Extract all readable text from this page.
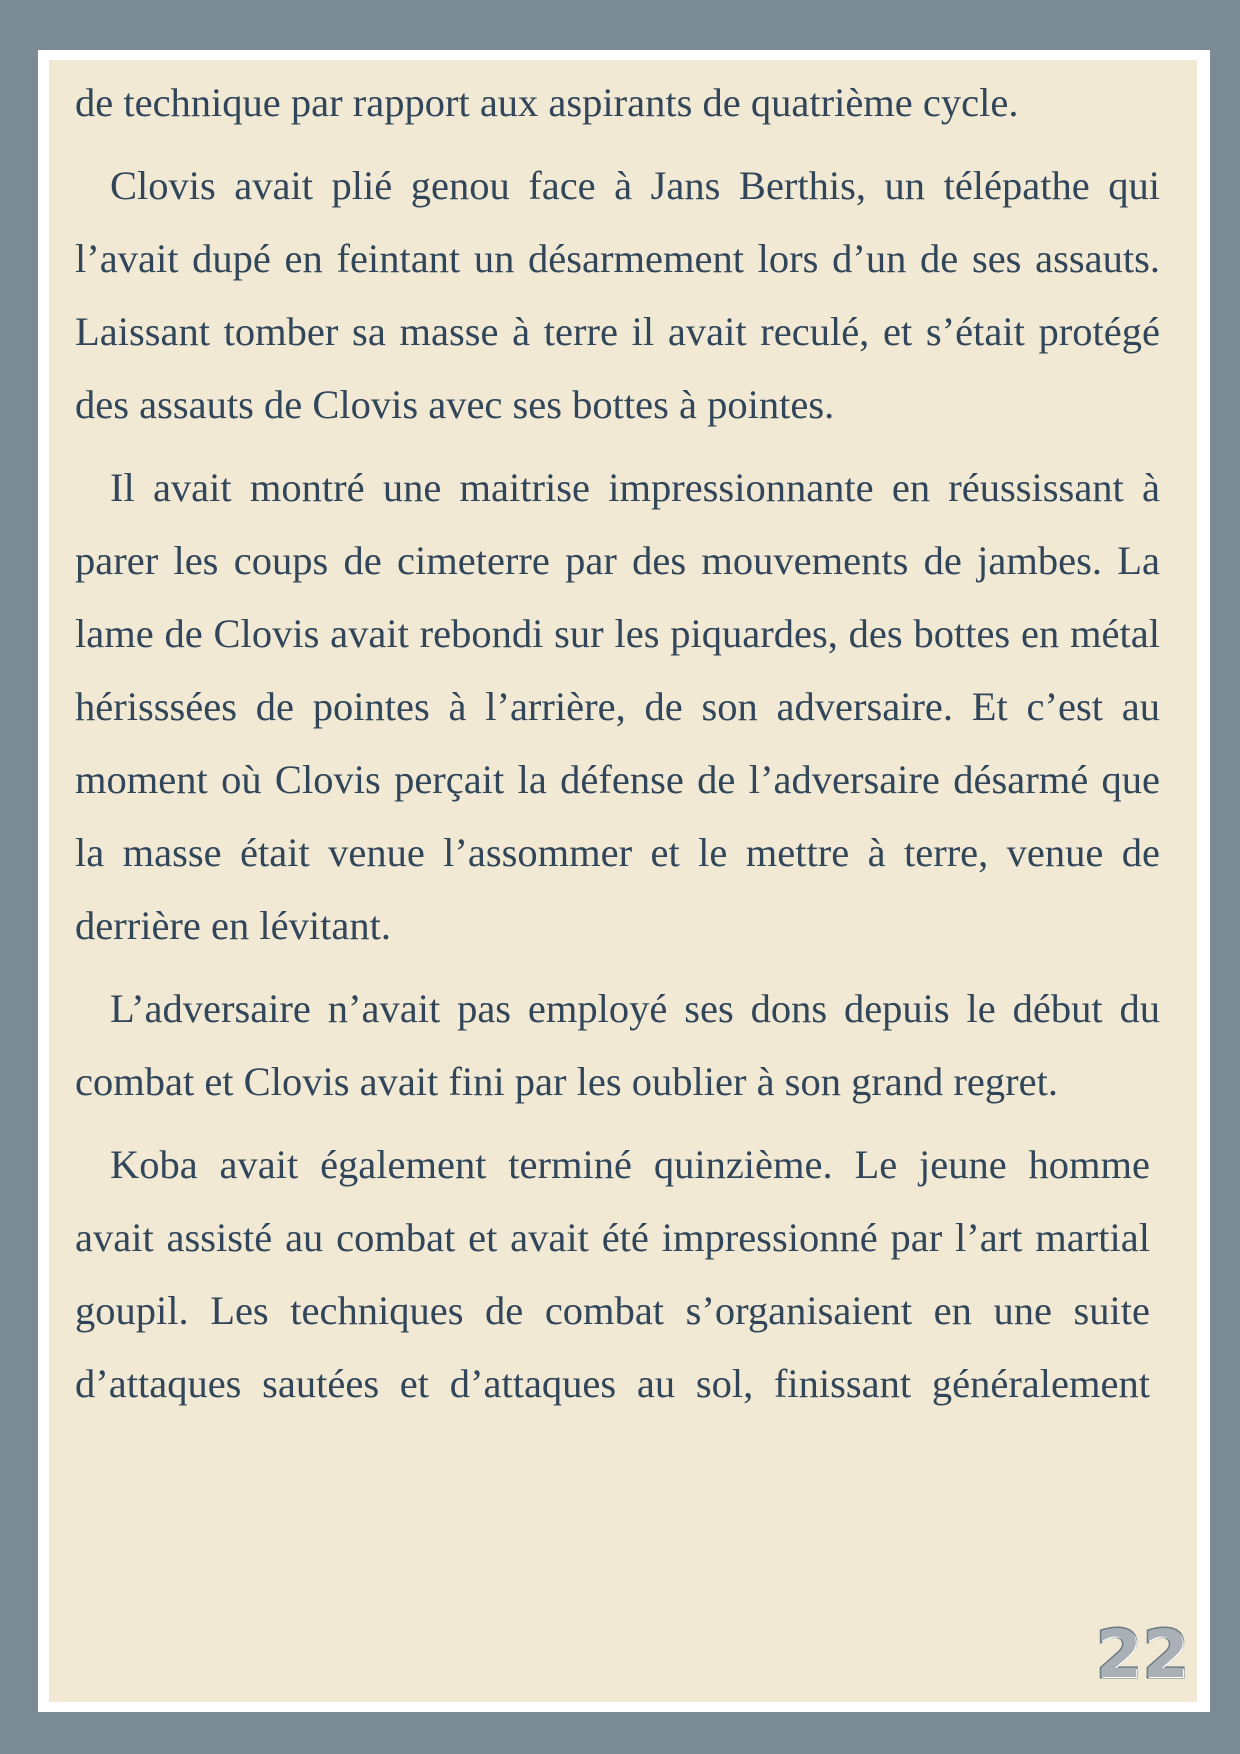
de technique par rapport aux aspirants de quatrième cycle.

Clovis avait plié genou face à Jans Berthis, un télépathe qui l’avait dupé en feintant un désarmement lors d’un de ses assauts. Laissant tomber sa masse à terre il avait reculé, et s’était protégé des assauts de Clovis avec ses bottes à pointes.

Il avait montré une maitrise impressionnante en réussissant à parer les coups de cimeterre par des mouvements de jambes. La lame de Clovis avait rebondi sur les piquardes, des bottes en métal hérisssées de pointes à l’arrière, de son adversaire. Et c’est au moment où Clovis perçait la défense de l’adversaire désarmé que la masse était venue l’assommer et le mettre à terre, venue de derrière en lévitant.

L’adversaire n’avait pas employé ses dons depuis le début du combat et Clovis avait fini par les oublier à son grand regret.

Koba avait également terminé quinzième. Le jeune homme avait assisté au combat et avait été impressionné par l’art martial goupil. Les techniques de combat s’organisaient en une suite d’attaques sautées et d’attaques au sol, finissant généralement

22
